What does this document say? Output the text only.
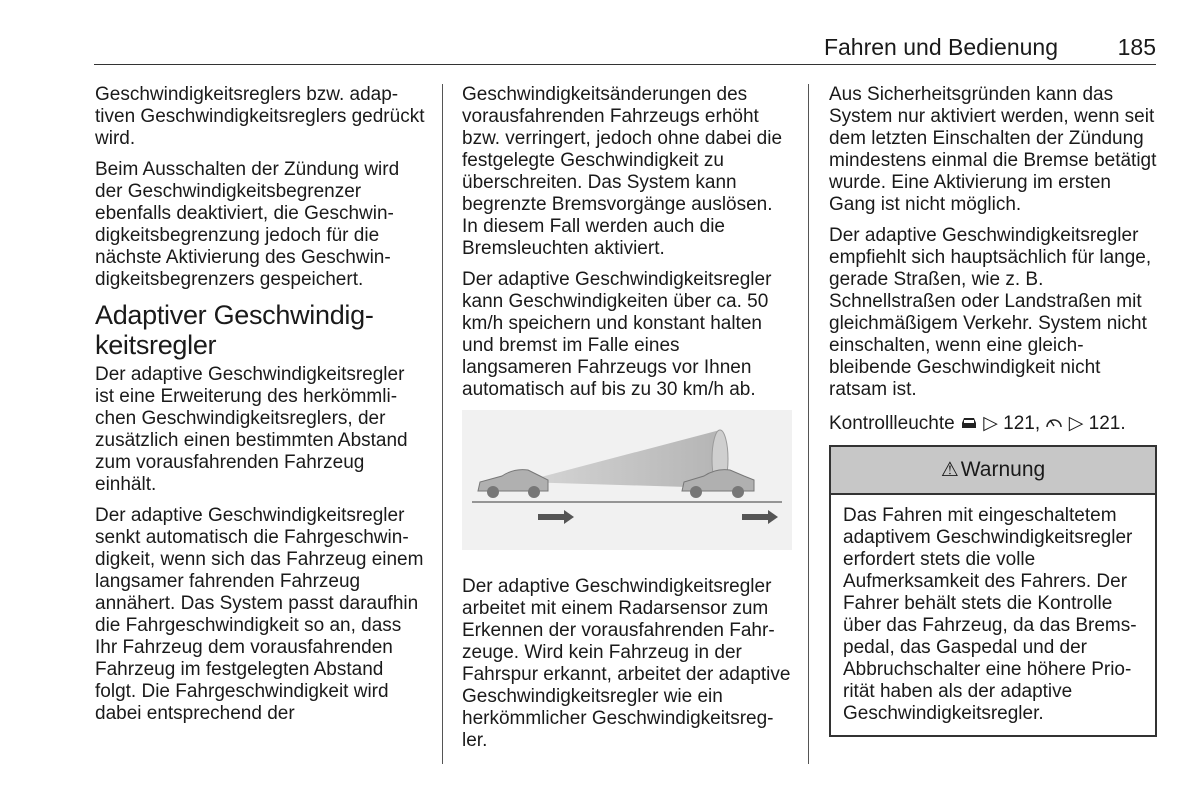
Fahren und Bedienung	185

Geschwindigkeitsreglers bzw. adaptiven Geschwindigkeitsreglers gedrückt wird.

Beim Ausschalten der Zündung wird der Geschwindigkeitsbegrenzer ebenfalls deaktiviert, die Geschwindigkeitsbegrenzung jedoch für die nächste Aktivierung des Geschwindigkeitsbegrenzers gespeichert.

Adaptiver Geschwindigkeitsregler

Der adaptive Geschwindigkeitsregler ist eine Erweiterung des herkömmlichen Geschwindigkeitsreglers, der zusätzlich einen bestimmten Abstand zum vorausfahrenden Fahrzeug einhält.

Der adaptive Geschwindigkeitsregler senkt automatisch die Fahrgeschwindigkeit, wenn sich das Fahrzeug einem langsamer fahrenden Fahrzeug annähert. Das System passt daraufhin die Fahrgeschwindigkeit so an, dass Ihr Fahrzeug dem vorausfahrenden Fahrzeug im festgelegten Abstand folgt. Die Fahrgeschwindigkeit wird dabei entsprechend der

Geschwindigkeitsänderungen des vorausfahrenden Fahrzeugs erhöht bzw. verringert, jedoch ohne dabei die festgelegte Geschwindigkeit zu überschreiten. Das System kann begrenzte Bremsvorgänge auslösen. In diesem Fall werden auch die Bremsleuchten aktiviert.

Der adaptive Geschwindigkeitsregler kann Geschwindigkeiten über ca. 50 km/h speichern und konstant halten und bremst im Falle eines langsameren Fahrzeugs vor Ihnen automatisch auf bis zu 30 km/h ab.

Der adaptive Geschwindigkeitsregler arbeitet mit einem Radarsensor zum Erkennen der vorausfahrenden Fahrzeuge. Wird kein Fahrzeug in der Fahrspur erkannt, arbeitet der adaptive Geschwindigkeitsregler wie ein herkömmlicher Geschwindigkeitsregler.

Aus Sicherheitsgründen kann das System nur aktiviert werden, wenn seit dem letzten Einschalten der Zündung mindestens einmal die Bremse betätigt wurde. Eine Aktivierung im ersten Gang ist nicht möglich.

Der adaptive Geschwindigkeitsregler empfiehlt sich hauptsächlich für lange, gerade Straßen, wie z. B. Schnellstraßen oder Landstraßen mit gleichmäßigem Verkehr. System nicht einschalten, wenn eine gleichbleibende Geschwindigkeit nicht ratsam ist.

Kontrollleuchte ▷ 121, ▷ 121.

⚠ Warnung
Das Fahren mit eingeschaltetem adaptivem Geschwindigkeitsregler erfordert stets die volle Aufmerksamkeit des Fahrers. Der Fahrer behält stets die Kontrolle über das Fahrzeug, da das Bremspedal, das Gaspedal und der Abbruchschalter eine höhere Priorität haben als der adaptive Geschwindigkeitsregler.
